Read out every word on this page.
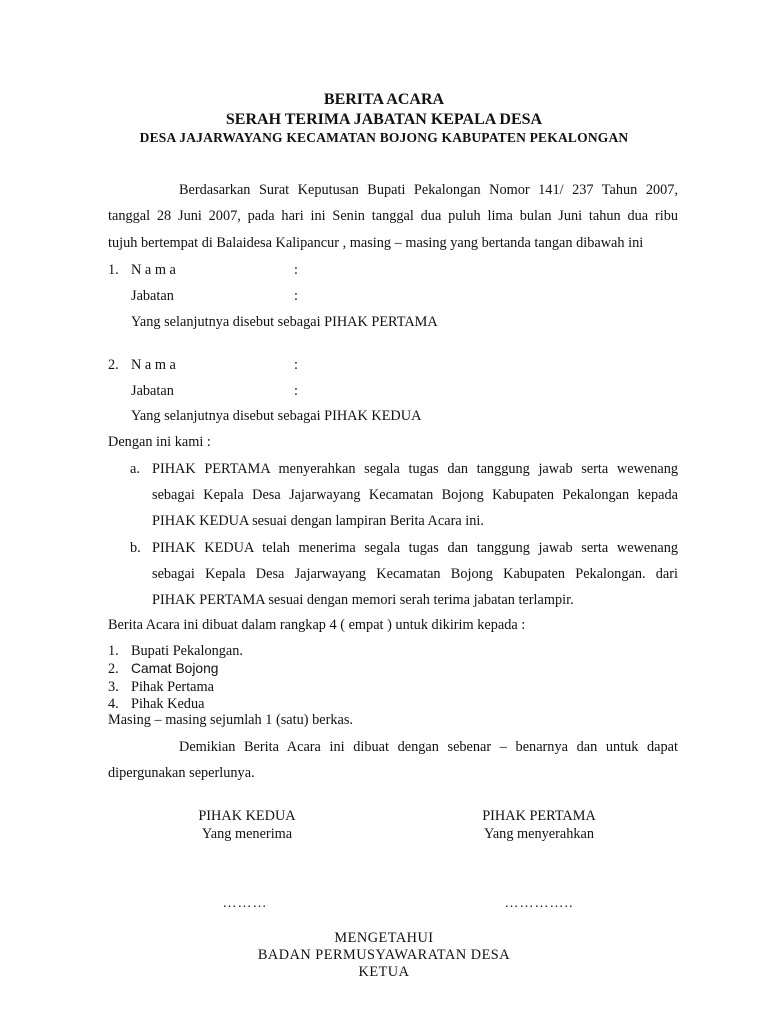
BERITA ACARA
SERAH TERIMA JABATAN KEPALA DESA
DESA JAJARWAYANG KECAMATAN BOJONG KABUPATEN PEKALONGAN
Berdasarkan Surat Keputusan Bupati Pekalongan Nomor 141/ 237 Tahun 2007,
tanggal 28 Juni 2007, pada hari ini Senin tanggal dua puluh lima bulan Juni tahun dua ribu
tujuh bertempat di Balaidesa Kalipancur , masing – masing yang bertanda tangan dibawah ini
1. N a m a	:
Jabatan	:
Yang selanjutnya disebut sebagai PIHAK PERTAMA
2. N a m a	:
Jabatan	:
Yang selanjutnya disebut sebagai PIHAK KEDUA
Dengan ini kami :
a. PIHAK PERTAMA menyerahkan segala tugas dan tanggung jawab serta wewenang
sebagai Kepala Desa Jajarwayang Kecamatan Bojong Kabupaten Pekalongan kepada
PIHAK KEDUA sesuai dengan lampiran Berita Acara ini.
b. PIHAK KEDUA telah menerima segala tugas dan tanggung jawab serta wewenang
sebagai Kepala Desa Jajarwayang Kecamatan Bojong Kabupaten Pekalongan. dari
PIHAK PERTAMA sesuai dengan memori serah terima jabatan terlampir.
Berita Acara ini dibuat dalam rangkap 4 ( empat ) untuk dikirim kepada :
1. Bupati Pekalongan.
2. Camat Bojong
3. Pihak Pertama
4. Pihak Kedua
Masing – masing sejumlah 1 (satu) berkas.
Demikian Berita Acara ini dibuat dengan sebenar – benarnya dan untuk dapat
dipergunakan seperlunya.
PIHAK KEDUA
Yang menerima
………
PIHAK PERTAMA
Yang menyerahkan
…………..
MENGETAHUI
BADAN PERMUSYAWARATAN DESA
KETUA
